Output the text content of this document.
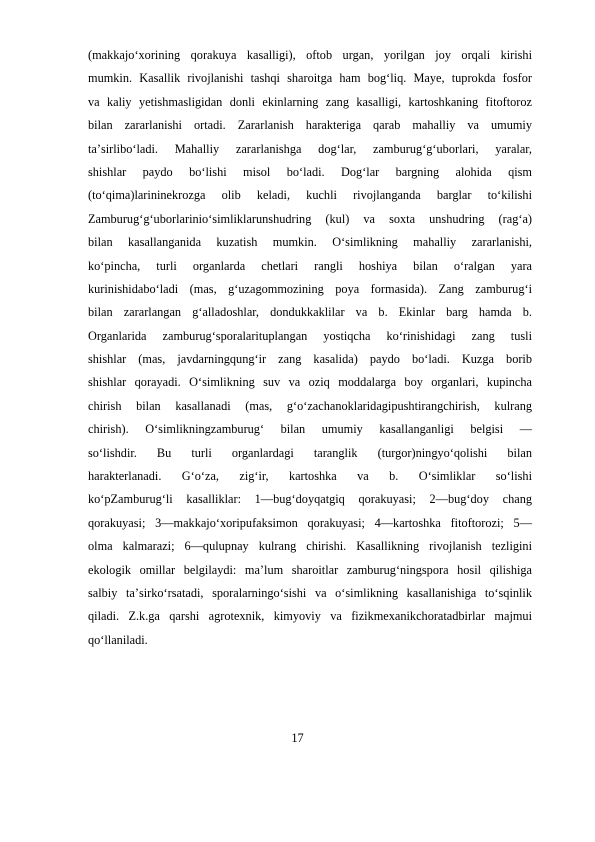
(makkajo‘xorining qorakuya kasalligi), oftob urgan, yorilgan joy orqali kirishi
mumkin. Kasallik rivojlanishi tashqi sharoitga ham bog‘liq. Maye, tuprokda fosfor
va kaliy yetishmasligidan donli ekinlarning zang kasalligi, kartoshkaning fitoftoroz
bilan zararlanishi ortadi. Zararlanish harakteriga qarab mahalliy va umumiy
taʼsirlibo‘ladi. Mahalliy zararlanishga dog‘lar, zamburug‘g‘uborlari, yaralar,
shishlar paydo bo‘lishi misol bo‘ladi. Dog‘lar bargning alohida qism
(to‘qima)larininekrozga olib keladi, kuchli rivojlanganda barglar to‘kilishi
Zamburug‘g‘uborlarinio‘simliklarunshudring (kul) va soxta unshudring (rag‘a)
bilan kasallanganida kuzatish mumkin. O‘simlikning mahalliy zararlanishi,
ko‘pincha, turli organlarda chetlari rangli hoshiya bilan o‘ralgan yara
kurinishidabo‘ladi (mas, g‘uzagommozining poya formasida). Zang zamburug‘i
bilan zararlangan g‘alladoshlar, dondukkaklilar va b. Ekinlar barg hamda b.
Organlarida zamburug‘sporalarituplangan yostiqcha ko‘rinishidagi zang tusli
shishlar (mas, javdarningqung‘ir zang kasalida) paydo bo‘ladi. Kuzga borib
shishlar qorayadi. O‘simlikning suv va oziq moddalarga boy organlari, kupincha
chirish bilan kasallanadi (mas, g‘o‘zachanoklaridagipushtirangchirish, kulrang
chirish). O‘simlikningzamburug‘ bilan umumiy kasallanganligi belgisi —
so‘lishdir. Bu turli organlardagi taranglik (turgor)ningyo‘qolishi bilan
harakterlanadi. G‘o‘za, zig‘ir, kartoshka va b. O‘simliklar so‘lishi
ko‘pZamburug‘li kasalliklar: 1—bug‘doyqatgiq qorakuyasi; 2—bug‘doy chang
qorakuyasi; 3—makkajo‘xoripufaksimon qorakuyasi; 4—kartoshka fitoftorozi; 5—
olma kalmarazi; 6—qulupnay kulrang chirishi. Kasallikning rivojlanish tezligini
ekologik omillar belgilaydi: maʼlum sharoitlar zamburug‘ningspora hosil qilishiga
salbiy taʼsirko‘rsatadi, sporalarningo‘sishi va o‘simlikning kasallanishiga to‘sqinlik
qiladi. Z.k.ga qarshi agrotexnik, kimyoviy va fizikmexanikchoratadbirlar majmui
qo‘llaniladi.
17
